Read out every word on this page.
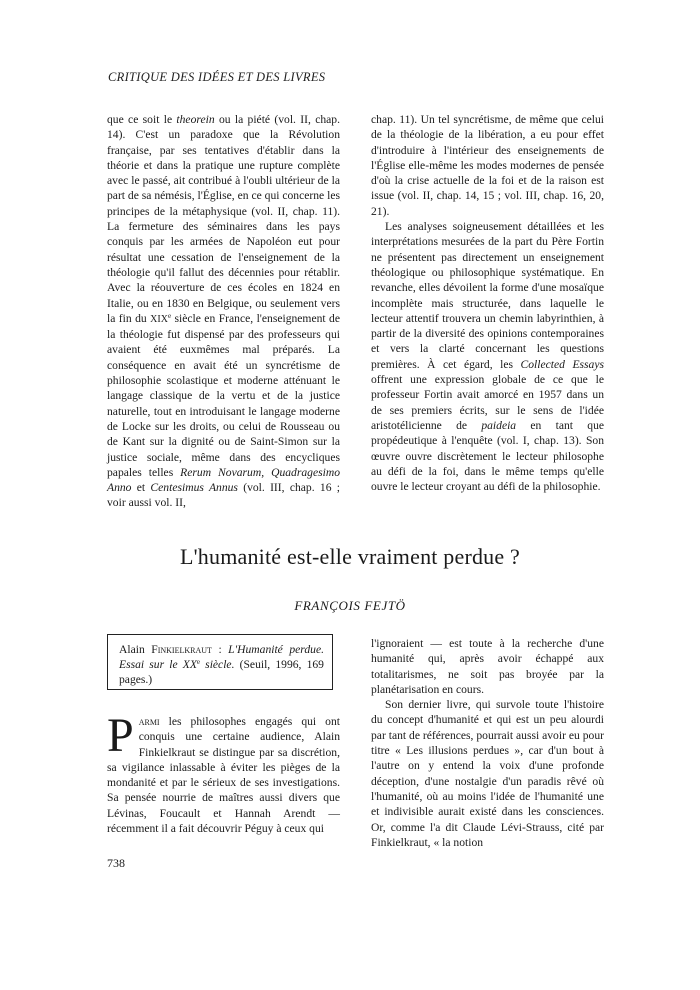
CRITIQUE DES IDÉES ET DES LIVRES

que ce soit le theorein ou la piété (vol. II, chap. 14). C'est un paradoxe que la Révolution française, par ses tentatives d'établir dans la théorie et dans la pratique une rupture complète avec le passé, ait contribué à l'oubli ultérieur de la part de sa némésis, l'Église, en ce qui concerne les principes de la métaphysique (vol. II, chap. 11). La fermeture des séminaires dans les pays conquis par les armées de Napoléon eut pour résultat une cessation de l'enseignement de la théologie qu'il fallut des décennies pour rétablir. Avec la réouverture de ces écoles en 1824 en Italie, ou en 1830 en Belgique, ou seulement vers la fin du XIXe siècle en France, l'enseignement de la théologie fut dispensé par des professeurs qui avaient été euxmêmes mal préparés. La conséquence en avait été un syncrétisme de philosophie scolastique et moderne atténuant le langage classique de la vertu et de la justice naturelle, tout en introduisant le langage moderne de Locke sur les droits, ou celui de Rousseau ou de Kant sur la dignité ou de Saint-Simon sur la justice sociale, même dans des encycliques papales telles Rerum Novarum, Quadragesimo Anno et Centesimus Annus (vol. III, chap. 16 ; voir aussi vol. II,

chap. 11). Un tel syncrétisme, de même que celui de la théologie de la libération, a eu pour effet d'introduire à l'intérieur des enseignements de l'Église elle-même les modes modernes de pensée d'où la crise actuelle de la foi et de la raison est issue (vol. II, chap. 14, 15 ; vol. III, chap. 16, 20, 21).

Les analyses soigneusement détaillées et les interprétations mesurées de la part du Père Fortin ne présentent pas directement un enseignement théologique ou philosophique systématique. En revanche, elles dévoilent la forme d'une mosaïque incomplète mais structurée, dans laquelle le lecteur attentif trouvera un chemin labyrinthien, à partir de la diversité des opinions contemporaines et vers la clarté concernant les questions premières. À cet égard, les Collected Essays offrent une expression globale de ce que le professeur Fortin avait amorcé en 1957 dans un de ses premiers écrits, sur le sens de l'idée aristotélicienne de paideia en tant que propédeutique à l'enquête (vol. I, chap. 13). Son œuvre ouvre discrètement le lecteur philosophe au défi de la foi, dans le même temps qu'elle ouvre le lecteur croyant au défi de la philosophie.

L'humanité est-elle vraiment perdue ?
FRANÇOIS FEJTÖ
Alain Finkielkraut : L'Humanité perdue. Essai sur le XXe siècle. (Seuil, 1996, 169 pages.)

Parmi les philosophes engagés qui ont conquis une certaine audience, Alain Finkielkraut se distingue par sa discrétion, sa vigilance inlassable à éviter les pièges de la mondanité et par le sérieux de ses investigations. Sa pensée nourrie de maîtres aussi divers que Lévinas, Foucault et Hannah Arendt — récemment il a fait découvrir Péguy à ceux qui

l'ignoraient — est toute à la recherche d'une humanité qui, après avoir échappé aux totalitarismes, ne soit pas broyée par la planétarisation en cours.

Son dernier livre, qui survole toute l'histoire du concept d'humanité et qui est un peu alourdi par tant de références, pourrait aussi avoir eu pour titre « Les illusions perdues », car d'un bout à l'autre on y entend la voix d'une profonde déception, d'une nostalgie d'un paradis rêvé où l'humanité, où au moins l'idée de l'humanité une et indivisible aurait existé dans les consciences. Or, comme l'a dit Claude Lévi-Strauss, cité par Finkielkraut, « la notion

738
